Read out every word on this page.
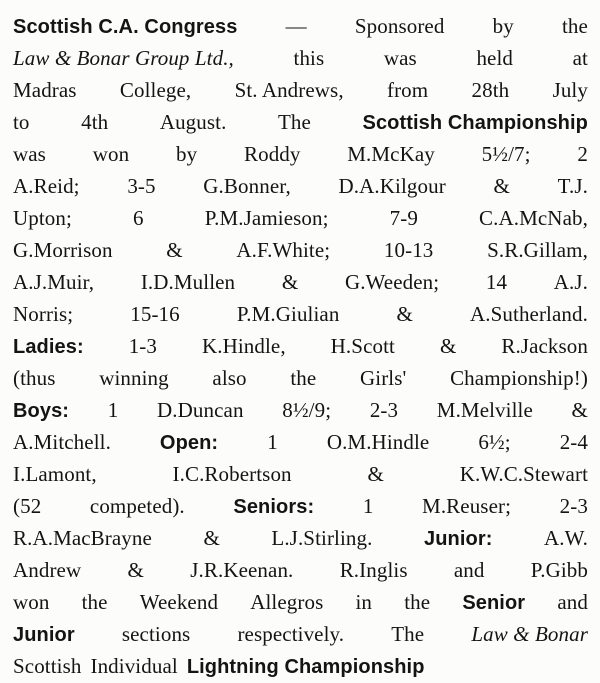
Scottish C.A. Congress — Sponsored by the
Law & Bonar Group Ltd.,	this	was	held	at
Madras College, St. Andrews, from 28th July
to 4th August. The	Scottish Championship
was won by Roddy M.McKay 5½/7; 2
A.Reid; 3-5 G.Bonner, D.A.Kilgour & T.J.
Upton;	6	P.M.Jamieson;	7-9	C.A.McNab,
G.Morrison	&	A.F.White;	10-13	S.R.Gillam,
A.J.Muir, I.D.Mullen & G.Weeden; 14 A.J.
Norris;	15-16	P.M.Giulian	&	A.Sutherland.
Ladies: 1-3 K.Hindle, H.Scott & R.Jackson
(thus winning also the Girls' Championship!)
Boys: 1 D.Duncan 8½/9; 2-3 M.Melville &
A.Mitchell. Open: 1 O.M.Hindle 6½; 2-4
I.Lamont,	I.C.Robertson	&	K.W.C.Stewart
(52 competed). Seniors: 1 M.Reuser; 2-3
R.A.MacBrayne & L.J.Stirling.	Junior: A.W.
Andrew & J.R.Keenan. R.Inglis and P.Gibb
won the Weekend Allegros in the Senior and
Junior sections respectively. The Law & Bonar
Scottish Individual Lightning Championship
